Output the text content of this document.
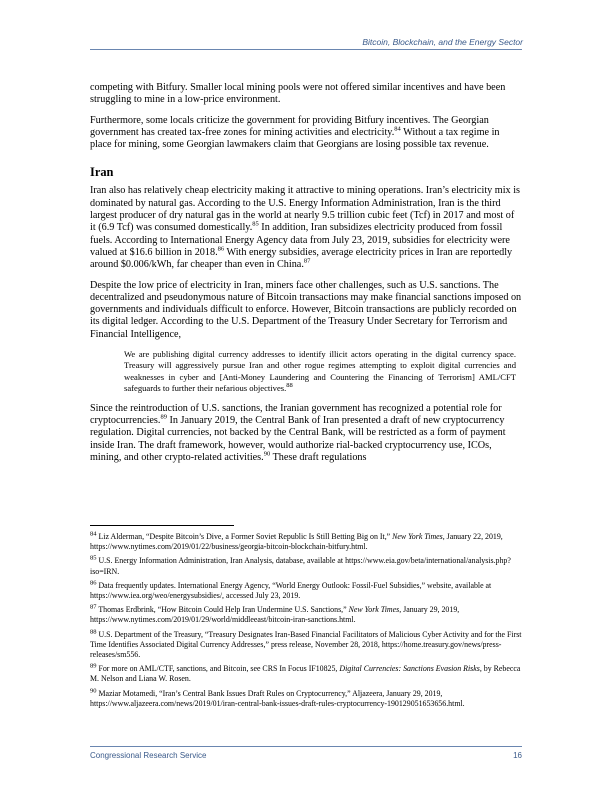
Bitcoin, Blockchain, and the Energy Sector

competing with Bitfury. Smaller local mining pools were not offered similar incentives and have been struggling to mine in a low-price environment.

Furthermore, some locals criticize the government for providing Bitfury incentives. The Georgian government has created tax-free zones for mining activities and electricity.$^{84}$ Without a tax regime in place for mining, some Georgian lawmakers claim that Georgians are losing possible tax revenue.

Iran

Iran also has relatively cheap electricity making it attractive to mining operations. Iran’s electricity mix is dominated by natural gas. According to the U.S. Energy Information Administration, Iran is the third largest producer of dry natural gas in the world at nearly 9.5 trillion cubic feet (Tcf) in 2017 and most of it (6.9 Tcf) was consumed domestically.$^{85}$ In addition, Iran subsidizes electricity produced from fossil fuels. According to International Energy Agency data from July 23, 2019, subsidies for electricity were valued at $16.6 billion in 2018.86 With energy subsidies, average electricity prices in Iran are reportedly around $0.006/kWh, far cheaper than even in China.$^{87}$

Despite the low price of electricity in Iran, miners face other challenges, such as U.S. sanctions. The decentralized and pseudonymous nature of Bitcoin transactions may make financial sanctions imposed on governments and individuals difficult to enforce. However, Bitcoin transactions are publicly recorded on its digital ledger. According to the U.S. Department of the Treasury Under Secretary for Terrorism and Financial Intelligence,

We are publishing digital currency addresses to identify illicit actors operating in the digital currency space. Treasury will aggressively pursue Iran and other rogue regimes attempting to exploit digital currencies and weaknesses in cyber and [Anti-Money Laundering and Countering the Financing of Terrorism] AML/CFT safeguards to further their nefarious objectives.$^{88}$

Since the reintroduction of U.S. sanctions, the Iranian government has recognized a potential role for cryptocurrencies.$^{89}$ In January 2019, the Central Bank of Iran presented a draft of new cryptocurrency regulation. Digital currencies, not backed by the Central Bank, will be restricted as a form of payment inside Iran. The draft framework, however, would authorize rial-backed cryptocurrency use, ICOs, mining, and other crypto-related activities.$^{90}$ These draft regulations

$^{84}$ Liz Alderman, “Despite Bitcoin’s Dive, a Former Soviet Republic Is Still Betting Big on It,” New York Times, January 22, 2019, https://www.nytimes.com/2019/01/22/business/georgia-bitcoin-blockchain-bitfury.html.
$^{85}$ U.S. Energy Information Administration, Iran Analysis, database, available at https://www.eia.gov/beta/international/analysis.php?iso=IRN.
$^{86}$ Data frequently updates. International Energy Agency, “World Energy Outlook: Fossil-Fuel Subsidies,” website, available at https://www.iea.org/weo/energysubsidies/, accessed July 23, 2019.
$^{87}$ Thomas Erdbrink, “How Bitcoin Could Help Iran Undermine U.S. Sanctions,” New York Times, January 29, 2019, https://www.nytimes.com/2019/01/29/world/middleeast/bitcoin-iran-sanctions.html.
$^{88}$ U.S. Department of the Treasury, “Treasury Designates Iran-Based Financial Facilitators of Malicious Cyber Activity and for the First Time Identifies Associated Digital Currency Addresses,” press release, November 28, 2018, https://home.treasury.gov/news/press-releases/sm556.
$^{89}$ For more on AML/CTF, sanctions, and Bitcoin, see CRS In Focus IF10825, Digital Currencies: Sanctions Evasion Risks, by Rebecca M. Nelson and Liana W. Rosen.
$^{90}$ Maziar Motamedi, “Iran’s Central Bank Issues Draft Rules on Cryptocurrency,” Aljazeera, January 29, 2019, https://www.aljazeera.com/news/2019/01/iran-central-bank-issues-draft-rules-cryptocurrency-190129051653656.html.
Congressional Research Service	16
